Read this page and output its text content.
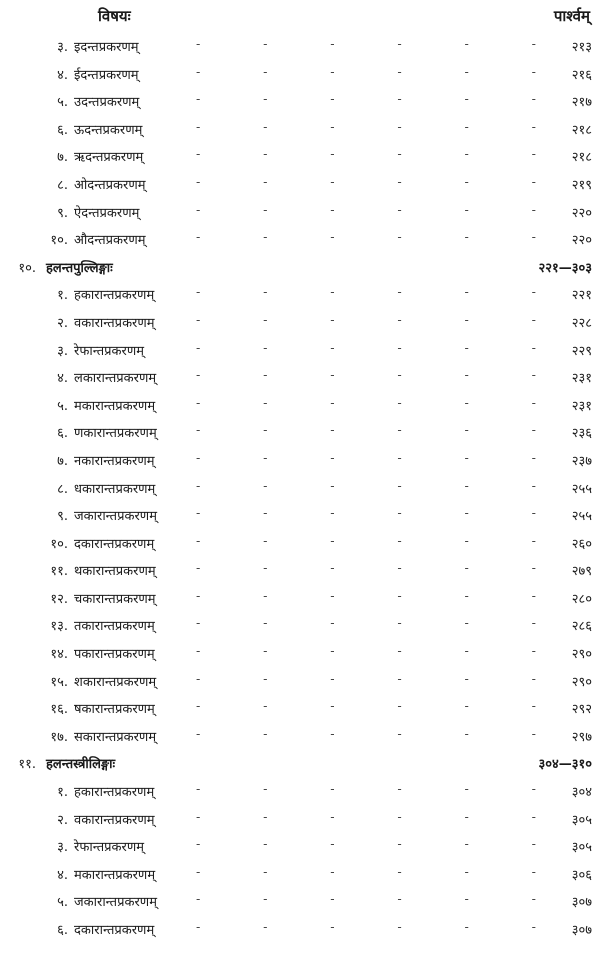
विषयः	पार्श्वम्
३. इदन्तप्रकरणम्	-	-	-	-	-	-	२१३
४. ईदन्तप्रकरणम्	-	-	-	-	-	-	२१६
५. उदन्तप्रकरणम्	-	-	-	-	-	-	२१७
६. ऊदन्तप्रकरणम्	-	-	-	-	-	-	२१८
७. ऋदन्तप्रकरणम्	-	-	-	-	-	-	२१८
८. ओदन्तप्रकरणम्	-	-	-	-	-	-	२१९
९. ऐदन्तप्रकरणम्	-	-	-	-	-	-	२२०
१०. औदन्तप्रकरणम्	-	-	-	-	-	-	२२०
१०. हलन्तपुल्लिङ्गाः	२२१—३०३
१. हकारान्तप्रकरणम्	-	-	-	-	-	-	२२१
२. वकारान्तप्रकरणम्	-	-	-	-	-	-	२२८
३. रेफान्तप्रकरणम्	-	-	-	-	-	-	२२९
४. लकारान्तप्रकरणम्	-	-	-	-	-	-	२३१
५. मकारान्तप्रकरणम्	-	-	-	-	-	-	२३१
६. णकारान्तप्रकरणम्	-	-	-	-	-	-	२३६
७. नकारान्तप्रकरणम्	-	-	-	-	-	-	२३७
८. धकारान्तप्रकरणम्	-	-	-	-	-	-	२५५
९. जकारान्तप्रकरणम्	-	-	-	-	-	-	२५५
१०. दकारान्तप्रकरणम्	-	-	-	-	-	-	२६०
११. थकारान्तप्रकरणम्	-	-	-	-	-	-	२७९
१२. चकारान्तप्रकरणम्	-	-	-	-	-	-	२८०
१३. तकारान्तप्रकरणम्	-	-	-	-	-	-	२८६
१४. पकारान्तप्रकरणम्	-	-	-	-	-	-	२९०
१५. शकारान्तप्रकरणम्	-	-	-	-	-	-	२९०
१६. षकारान्तप्रकरणम्	-	-	-	-	-	-	२९२
१७. सकारान्तप्रकरणम्	-	-	-	-	-	-	२९७
११. हलन्तस्त्रीलिङ्गाः	३०४—३१०
१. हकारान्तप्रकरणम्	-	-	-	-	-	-	३०४
२. वकारान्तप्रकरणम्	-	-	-	-	-	-	३०५
३. रेफान्तप्रकरणम्	-	-	-	-	-	-	३०५
४. मकारान्तप्रकरणम्	-	-	-	-	-	-	३०६
५. जकारान्तप्रकरणम्	-	-	-	-	-	-	३०७
६. दकारान्तप्रकरणम्	-	-	-	-	-	-	३०७
